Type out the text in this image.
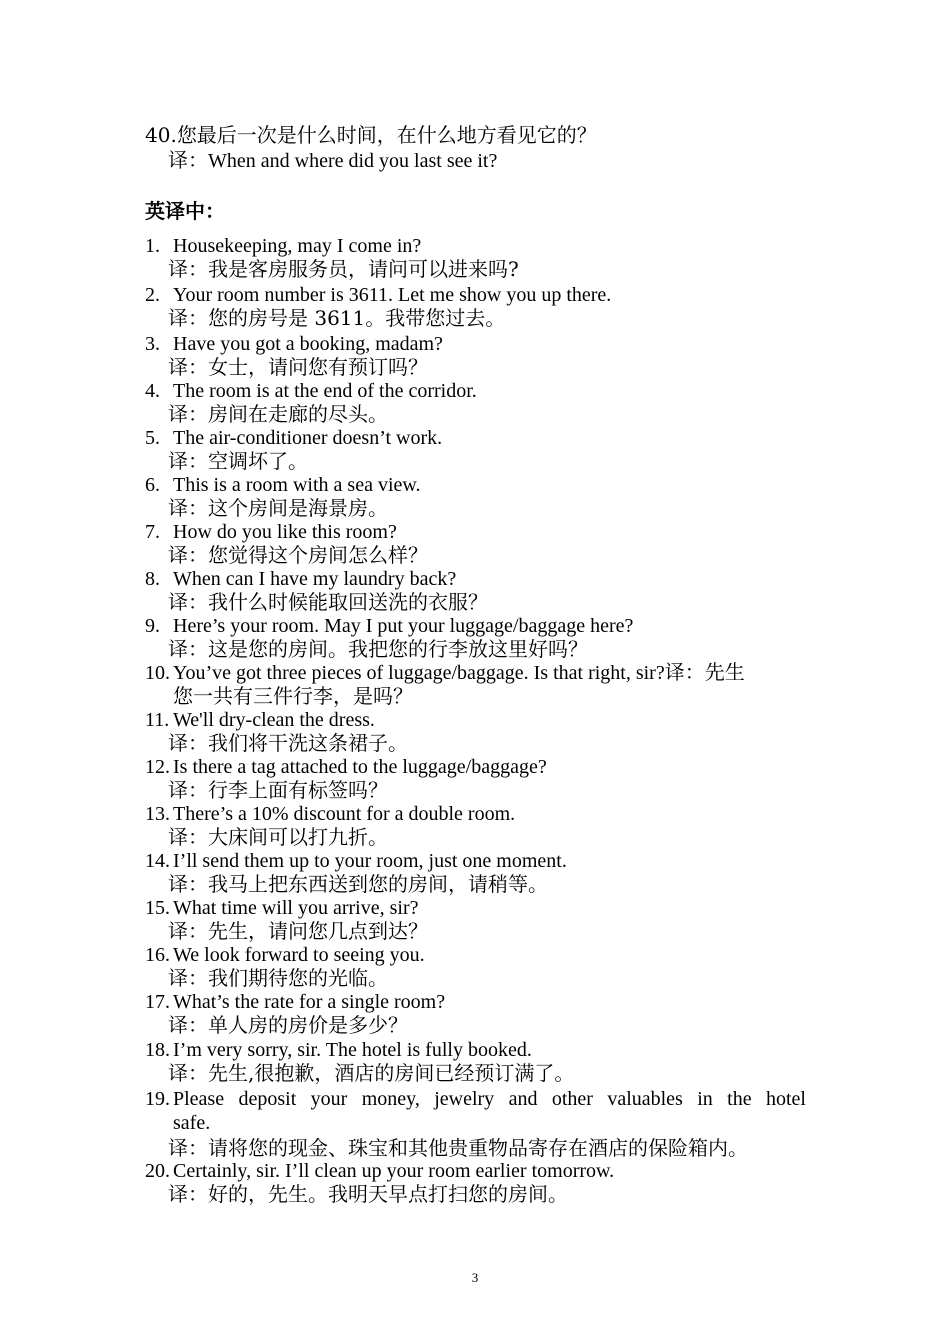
40.您最后一次是什么时间，在什么地方看见它的？
译：When and where did you last see it?
英译中：
1. Housekeeping, may I come in?
译：我是客房服务员，请问可以进来吗?
2. Your room number is 3611. Let me show you up there.
译：您的房号是 3611。我带您过去。
3. Have you got a booking, madam?
译：女士，请问您有预订吗？
4. The room is at the end of the corridor.
译：房间在走廊的尽头。
5. The air-conditioner doesn’t work.
译：空调坏了。
6. This is a room with a sea view.
译：这个房间是海景房。
7. How do you like this room?
译：您觉得这个房间怎么样？
8. When can I have my laundry back?
译：我什么时候能取回送洗的衣服？
9. Here’s your room. May I put your luggage/baggage here?
译：这是您的房间。我把您的行李放这里好吗？
10. You’ve got three pieces of luggage/baggage. Is that right, sir?译：先生
您一共有三件行李，是吗？
11. We'll dry-clean the dress.
译：我们将干洗这条裙子。
12. Is there a tag attached to the luggage/baggage?
译：行李上面有标签吗？
13. There’s a 10% discount for a double room.
译：大床间可以打九折。
14. I’ll send them up to your room, just one moment.
译：我马上把东西送到您的房间，请稍等。
15. What time will you arrive, sir?
译：先生，请问您几点到达？
16. We look forward to seeing you.
译：我们期待您的光临。
17. What’s the rate for a single room?
译：单人房的房价是多少？
18. I’m very sorry, sir. The hotel is fully booked.
译：先生,很抱歉，酒店的房间已经预订满了。
19. Please deposit your money, jewelry and other valuables in the hotel
safe.
译：请将您的现金、珠宝和其他贵重物品寄存在酒店的保险箱内。
20. Certainly, sir. I’ll clean up your room earlier tomorrow.
译：好的，先生。我明天早点打扫您的房间。
3
